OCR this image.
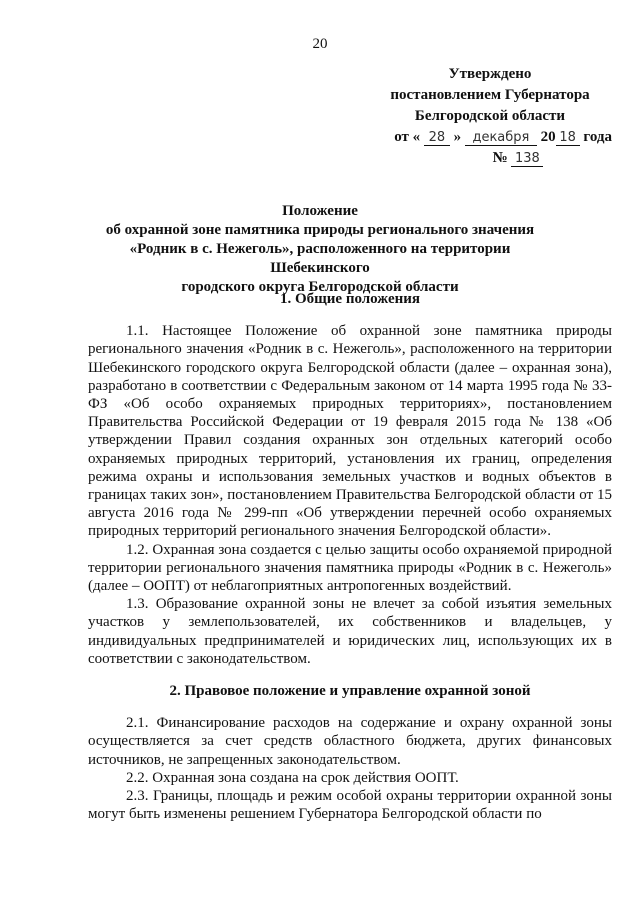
20
Утверждено
постановлением Губернатора
Белгородской области
от « 28 » декабря 20 18 года
№ 138
Положение
об охранной зоне памятника природы регионального значения
«Родник в с. Нежеголь», расположенного на территории Шебекинского
городского округа Белгородской области
1. Общие положения

1.1. Настоящее Положение об охранной зоне памятника природы регионального значения «Родник в с. Нежеголь», расположенного на территории Шебекинского городского округа Белгородской области (далее – охранная зона), разработано в соответствии с Федеральным законом от 14 марта 1995 года № 33-ФЗ «Об особо охраняемых природных территориях», постановлением Правительства Российской Федерации от 19 февраля 2015 года № 138 «Об утверждении Правил создания охранных зон отдельных категорий особо охраняемых природных территорий, установления их границ, определения режима охраны и использования земельных участков и водных объектов в границах таких зон», постановлением Правительства Белгородской области от 15 августа 2016 года № 299-пп «Об утверждении перечней особо охраняемых природных территорий регионального значения Белгородской области».

1.2. Охранная зона создается с целью защиты особо охраняемой природной территории регионального значения памятника природы «Родник в с. Нежеголь» (далее – ООПТ) от неблагоприятных антропогенных воздействий.

1.3. Образование охранной зоны не влечет за собой изъятия земельных участков у землепользователей, их собственников и владельцев, у индивидуальных предпринимателей и юридических лиц, использующих их в соответствии с законодательством.

2. Правовое положение и управление охранной зоной

2.1. Финансирование расходов на содержание и охрану охранной зоны осуществляется за счет средств областного бюджета, других финансовых источников, не запрещенных законодательством.

2.2. Охранная зона создана на срок действия ООПТ.

2.3. Границы, площадь и режим особой охраны территории охранной зоны могут быть изменены решением Губернатора Белгородской области по
